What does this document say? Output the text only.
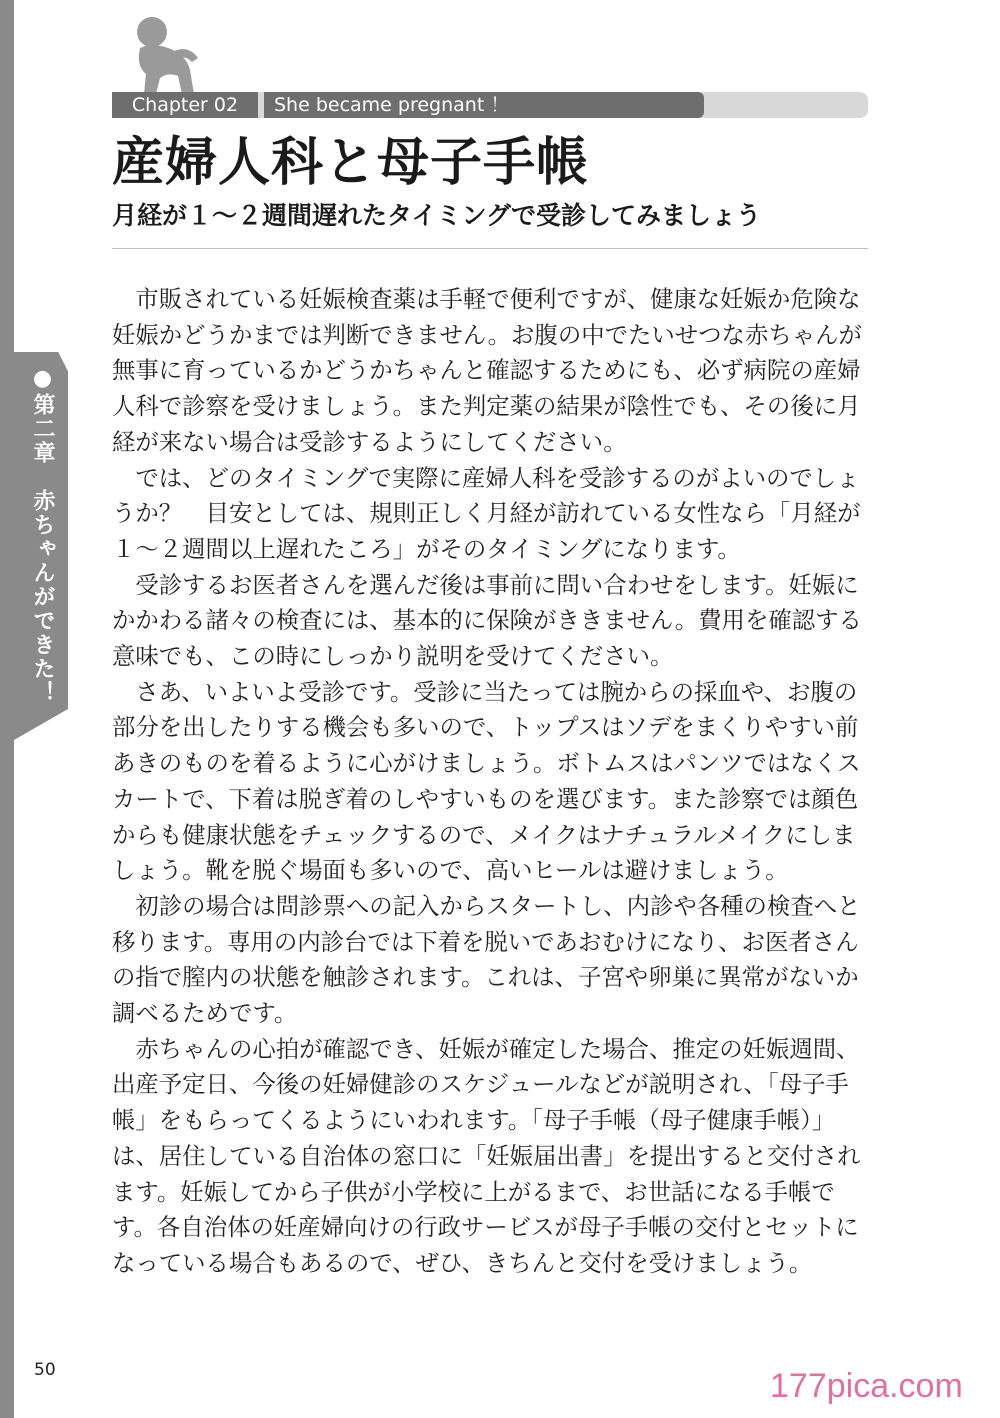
●第二章　赤ちゃんができた！
Chapter 02	She became pregnant ！
産婦人科と母子手帳
月経が１～２週間遅れたタイミングで受診してみましょう

市販されている妊娠検査薬は手軽で便利ですが、健康な妊娠か危険な妊娠かどうかまでは判断できません。お腹の中でたいせつな赤ちゃんが無事に育っているかどうかちゃんと確認するためにも、必ず病院の産婦人科で診察を受けましょう。また判定薬の結果が陰性でも、その後に月経が来ない場合は受診するようにしてください。

では、どのタイミングで実際に産婦人科を受診するのがよいのでしょうか？　目安としては、規則正しく月経が訪れている女性なら「月経が１～２週間以上遅れたころ」がそのタイミングになります。

受診するお医者さんを選んだ後は事前に問い合わせをします。妊娠にかかわる諸々の検査には、基本的に保険がききません。費用を確認する意味でも、この時にしっかり説明を受けてください。

さあ、いよいよ受診です。受診に当たっては腕からの採血や、お腹の部分を出したりする機会も多いので、トップスはソデをまくりやすい前あきのものを着るように心がけましょう。ボトムスはパンツではなくスカートで、下着は脱ぎ着のしやすいものを選びます。また診察では顔色からも健康状態をチェックするので、メイクはナチュラルメイクにしましょう。靴を脱ぐ場面も多いので、高いヒールは避けましょう。

初診の場合は問診票への記入からスタートし、内診や各種の検査へと移ります。専用の内診台では下着を脱いであおむけになり、お医者さんの指で膣内の状態を触診されます。これは、子宮や卵巣に異常がないか調べるためです。

赤ちゃんの心拍が確認でき、妊娠が確定した場合、推定の妊娠週間、出産予定日、今後の妊婦健診のスケジュールなどが説明され、「母子手帳」をもらってくるようにいわれます。「母子手帳（母子健康手帳）」は、居住している自治体の窓口に「妊娠届出書」を提出すると交付されます。妊娠してから子供が小学校に上がるまで、お世話になる手帳です。各自治体の妊産婦向けの行政サービスが母子手帳の交付とセットになっている場合もあるので、ぜひ、きちんと交付を受けましょう。

50	177pica.com
